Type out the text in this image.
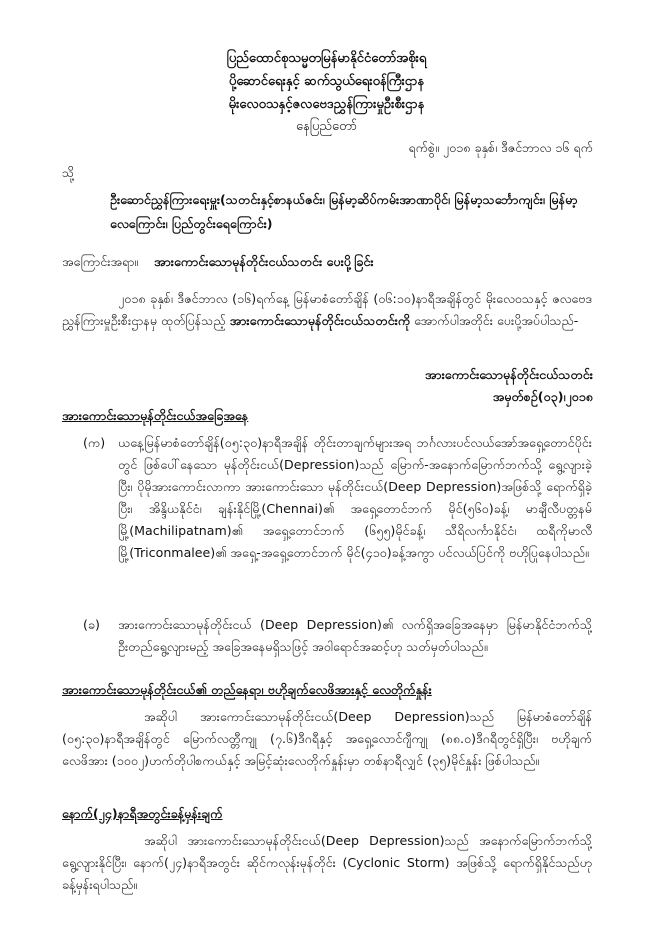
ပြည်ထောင်စုသမ္မတမြန်မာနိုင်ငံတော်အစိုးရ
ပို့ဆောင်ရေးနှင့် ဆက်သွယ်ရေးဝန်ကြီးဌာန
မိုးလေဝသနှင့်ဇလဗေဒညွှန်ကြားမှုဦးစီးဌာန
နေပြည်တော်
ရက်စွဲ။ ၂၀၁၈ ခုနှစ်၊ ဒီဇင်ဘာလ ၁၆ ရက်
သို့
ဦးဆောင်ညွှန်ကြားရေးမှူး(သတင်းနှင့်စာနယ်ဇင်း၊ မြန်မာ့ဆိပ်ကမ်းအာဏာပိုင်၊ မြန်မာ့သင်္ဘောကျင်း၊ မြန်မာ့လေကြောင်း၊ ပြည်တွင်းရေကြောင်း)
အကြောင်းအရာ။ အားကောင်းသောမုန်တိုင်းငယ်သတင်း ပေးပို့ခြင်း
၂၀၁၈ ခုနှစ်၊ ဒီဇင်ဘာလ (၁၆)ရက်နေ့ မြန်မာစံတော်ချိန် (၀၆:၁၀)နာရီအချိန်တွင် မိုးလေဝသနှင့် ဇလဗေဒညွှန်ကြားမှုဦးစီးဌာနမှ ထုတ်ပြန်သည့် အားကောင်းသောမုန်တိုင်းငယ်သတင်းကို အောက်ပါအတိုင်း ပေးပို့အပ်ပါသည်-
အားကောင်းသောမုန်တိုင်းငယ်သတင်း
အမှတ်စဉ်(၀၃)၊၂၀၁၈
အားကောင်းသောမုန်တိုင်းငယ်အခြေအနေ
(က) ယနေ့မြန်မာစံတော်ချိန်(၀၅:၃၀)နာရီအချိန် တိုင်းတာချက်များအရ ဘင်္ဂလားပင်လယ်အော်အရှေ့တောင်ပိုင်းတွင် ဖြစ်ပေါ်နေသော မုန်တိုင်းငယ်(Depression)သည် မြောက်-အနောက်မြောက်ဘက်သို့ ရွေ့လျားခဲ့ပြီး၊ ပိုမိုအားကောင်းလာကာ အားကောင်းသော မုန်တိုင်းငယ်(Deep Depression)အဖြစ်သို့ ရောက်ရှိခဲ့ပြီး၊ အိန္ဒိယနိုင်ငံ၊ ချန်းနိုင်မြို့(Chennai)၏ အရှေ့တောင်ဘက် မိုင်(၅၆၀)ခန့်၊ မာချီလီပတ္တနမ်မြို့(Machilipatnam)၏ အရှေ့တောင်ဘက် (၆၅၅)မိုင်ခန့်၊ သီရိလင်္ကာနိုင်ငံ၊ ထရီကိုမာလီမြို့(Triconmalee)၏ အရှေ့-အရှေ့တောင်ဘက် မိုင်(၄၁၀)ခန့်အကွာ ပင်လယ်ပြင်ကို ဗဟိုပြုနေပါသည်။
(ခ) အားကောင်းသောမုန်တိုင်းငယ် (Deep Depression)၏ လက်ရှိအခြေအနေမှာ မြန်မာနိုင်ငံဘက်သို့ ဦးတည်ရွေ့လျားမည့် အခြေအနေမရှိသဖြင့် အဝါရောင်အဆင့်ဟု သတ်မှတ်ပါသည်။
အားကောင်းသောမုန်တိုင်းငယ်၏ တည်နေရာ၊ ဗဟိုချက်လေဖိအားနှင့် လေတိုက်နှုန်း
အဆိုပါ အားကောင်းသောမုန်တိုင်းငယ်(Deep Depression)သည် မြန်မာစံတော်ချိန် (၀၅:၃၀)နာရီအချိန်တွင် မြောက်လတ္တီကျု (၇.၆)ဒီဂရီနှင့် အရှေ့လောင်ဂျီကျု (၈၈.၀)ဒီဂရီတွင်ရှိပြီး၊ ဗဟိုချက်လေဖိအား (၁၀၀၂)ဟက်တိုပါစကယ်နှင့် အမြင့်ဆုံးလေတိုက်နှုန်းမှာ တစ်နာရီလျှင် (၃၅)မိုင်နှုန်း ဖြစ်ပါသည်။
နောက်(၂၄)နာရီအတွင်းခန့်မှန်းချက်
အဆိုပါ အားကောင်းသောမုန်တိုင်းငယ်(Deep Depression)သည် အနောက်မြောက်ဘက်သို့ ရွေ့လျားနိုင်ပြီး၊ နောက်(၂၄)နာရီအတွင်း ဆိုင်ကလုန်းမုန်တိုင်း (Cyclonic Storm) အဖြစ်သို့ ရောက်ရှိနိုင်သည်ဟု ခန့်မှန်းရပါသည်။
